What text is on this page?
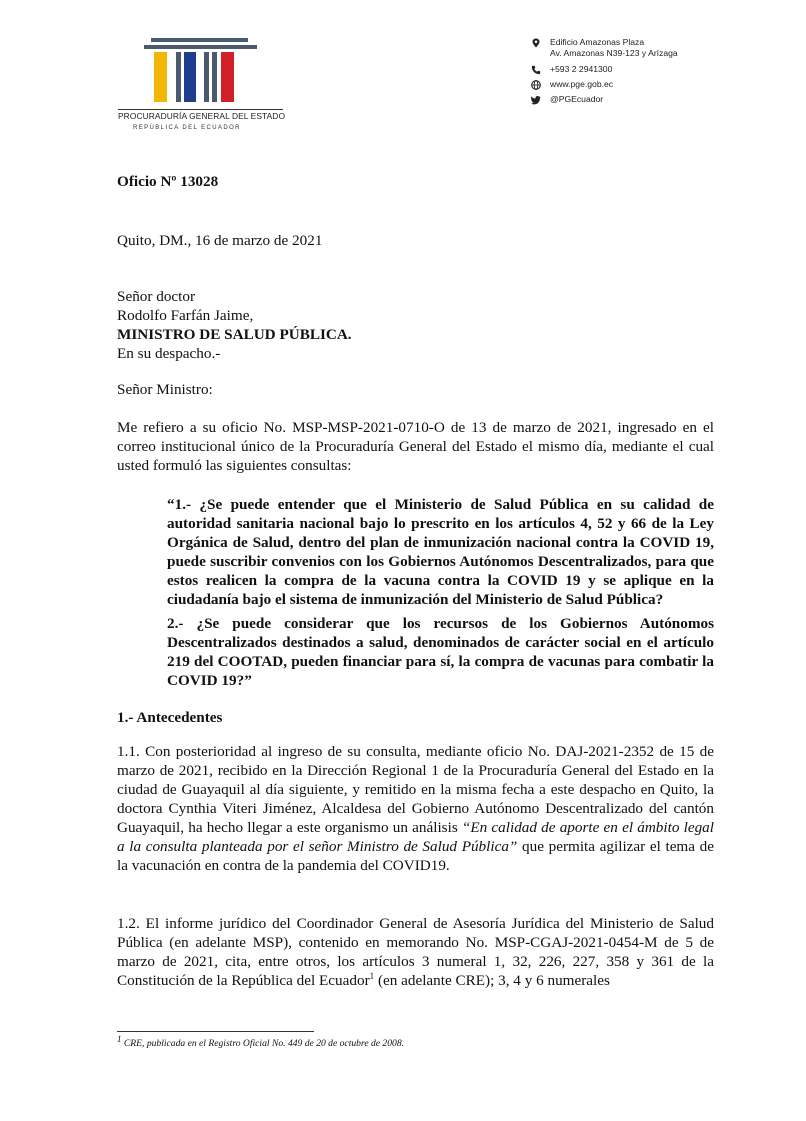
PROCURADURÍA GENERAL DEL ESTADO
REPÚBLICA DEL ECUADOR
Edificio Amazonas Plaza
Av. Amazonas N39-123 y Arízaga
+593 2 2941300
www.pge.gob.ec
@PGEcuador
Oficio Nº 13028
Quito, DM., 16 de marzo de 2021
Señor doctor
Rodolfo Farfán Jaime,
MINISTRO DE SALUD PÚBLICA.
En su despacho.-
Señor Ministro:
Me refiero a su oficio No. MSP-MSP-2021-0710-O de 13 de marzo de 2021, ingresado en el correo institucional único de la Procuraduría General del Estado el mismo día, mediante el cual usted formuló las siguientes consultas:
“1.- ¿Se puede entender que el Ministerio de Salud Pública en su calidad de autoridad sanitaria nacional bajo lo prescrito en los artículos 4, 52 y 66 de la Ley Orgánica de Salud, dentro del plan de inmunización nacional contra la COVID 19, puede suscribir convenios con los Gobiernos Autónomos Descentralizados, para que estos realicen la compra de la vacuna contra la COVID 19 y se aplique en la ciudadanía bajo el sistema de inmunización del Ministerio de Salud Pública?
2.- ¿Se puede considerar que los recursos de los Gobiernos Autónomos Descentralizados destinados a salud, denominados de carácter social en el artículo 219 del COOTAD, pueden financiar para sí, la compra de vacunas para combatir la COVID 19?”
1.- Antecedentes
1.1. Con posterioridad al ingreso de su consulta, mediante oficio No. DAJ-2021-2352 de 15 de marzo de 2021, recibido en la Dirección Regional 1 de la Procuraduría General del Estado en la ciudad de Guayaquil al día siguiente, y remitido en la misma fecha a este despacho en Quito, la doctora Cynthia Viteri Jiménez, Alcaldesa del Gobierno Autónomo Descentralizado del cantón Guayaquil, ha hecho llegar a este organismo un análisis “En calidad de aporte en el ámbito legal a la consulta planteada por el señor Ministro de Salud Pública” que permita agilizar el tema de la vacunación en contra de la pandemia del COVID19.
1.2. El informe jurídico del Coordinador General de Asesoría Jurídica del Ministerio de Salud Pública (en adelante MSP), contenido en memorando No. MSP-CGAJ-2021-0454-M de 5 de marzo de 2021, cita, entre otros, los artículos 3 numeral 1, 32, 226, 227, 358 y 361 de la Constitución de la República del Ecuador$^1$ (en adelante CRE); 3, 4 y 6 numerales
$^1$ CRE, publicada en el Registro Oficial No. 449 de 20 de octubre de 2008.
